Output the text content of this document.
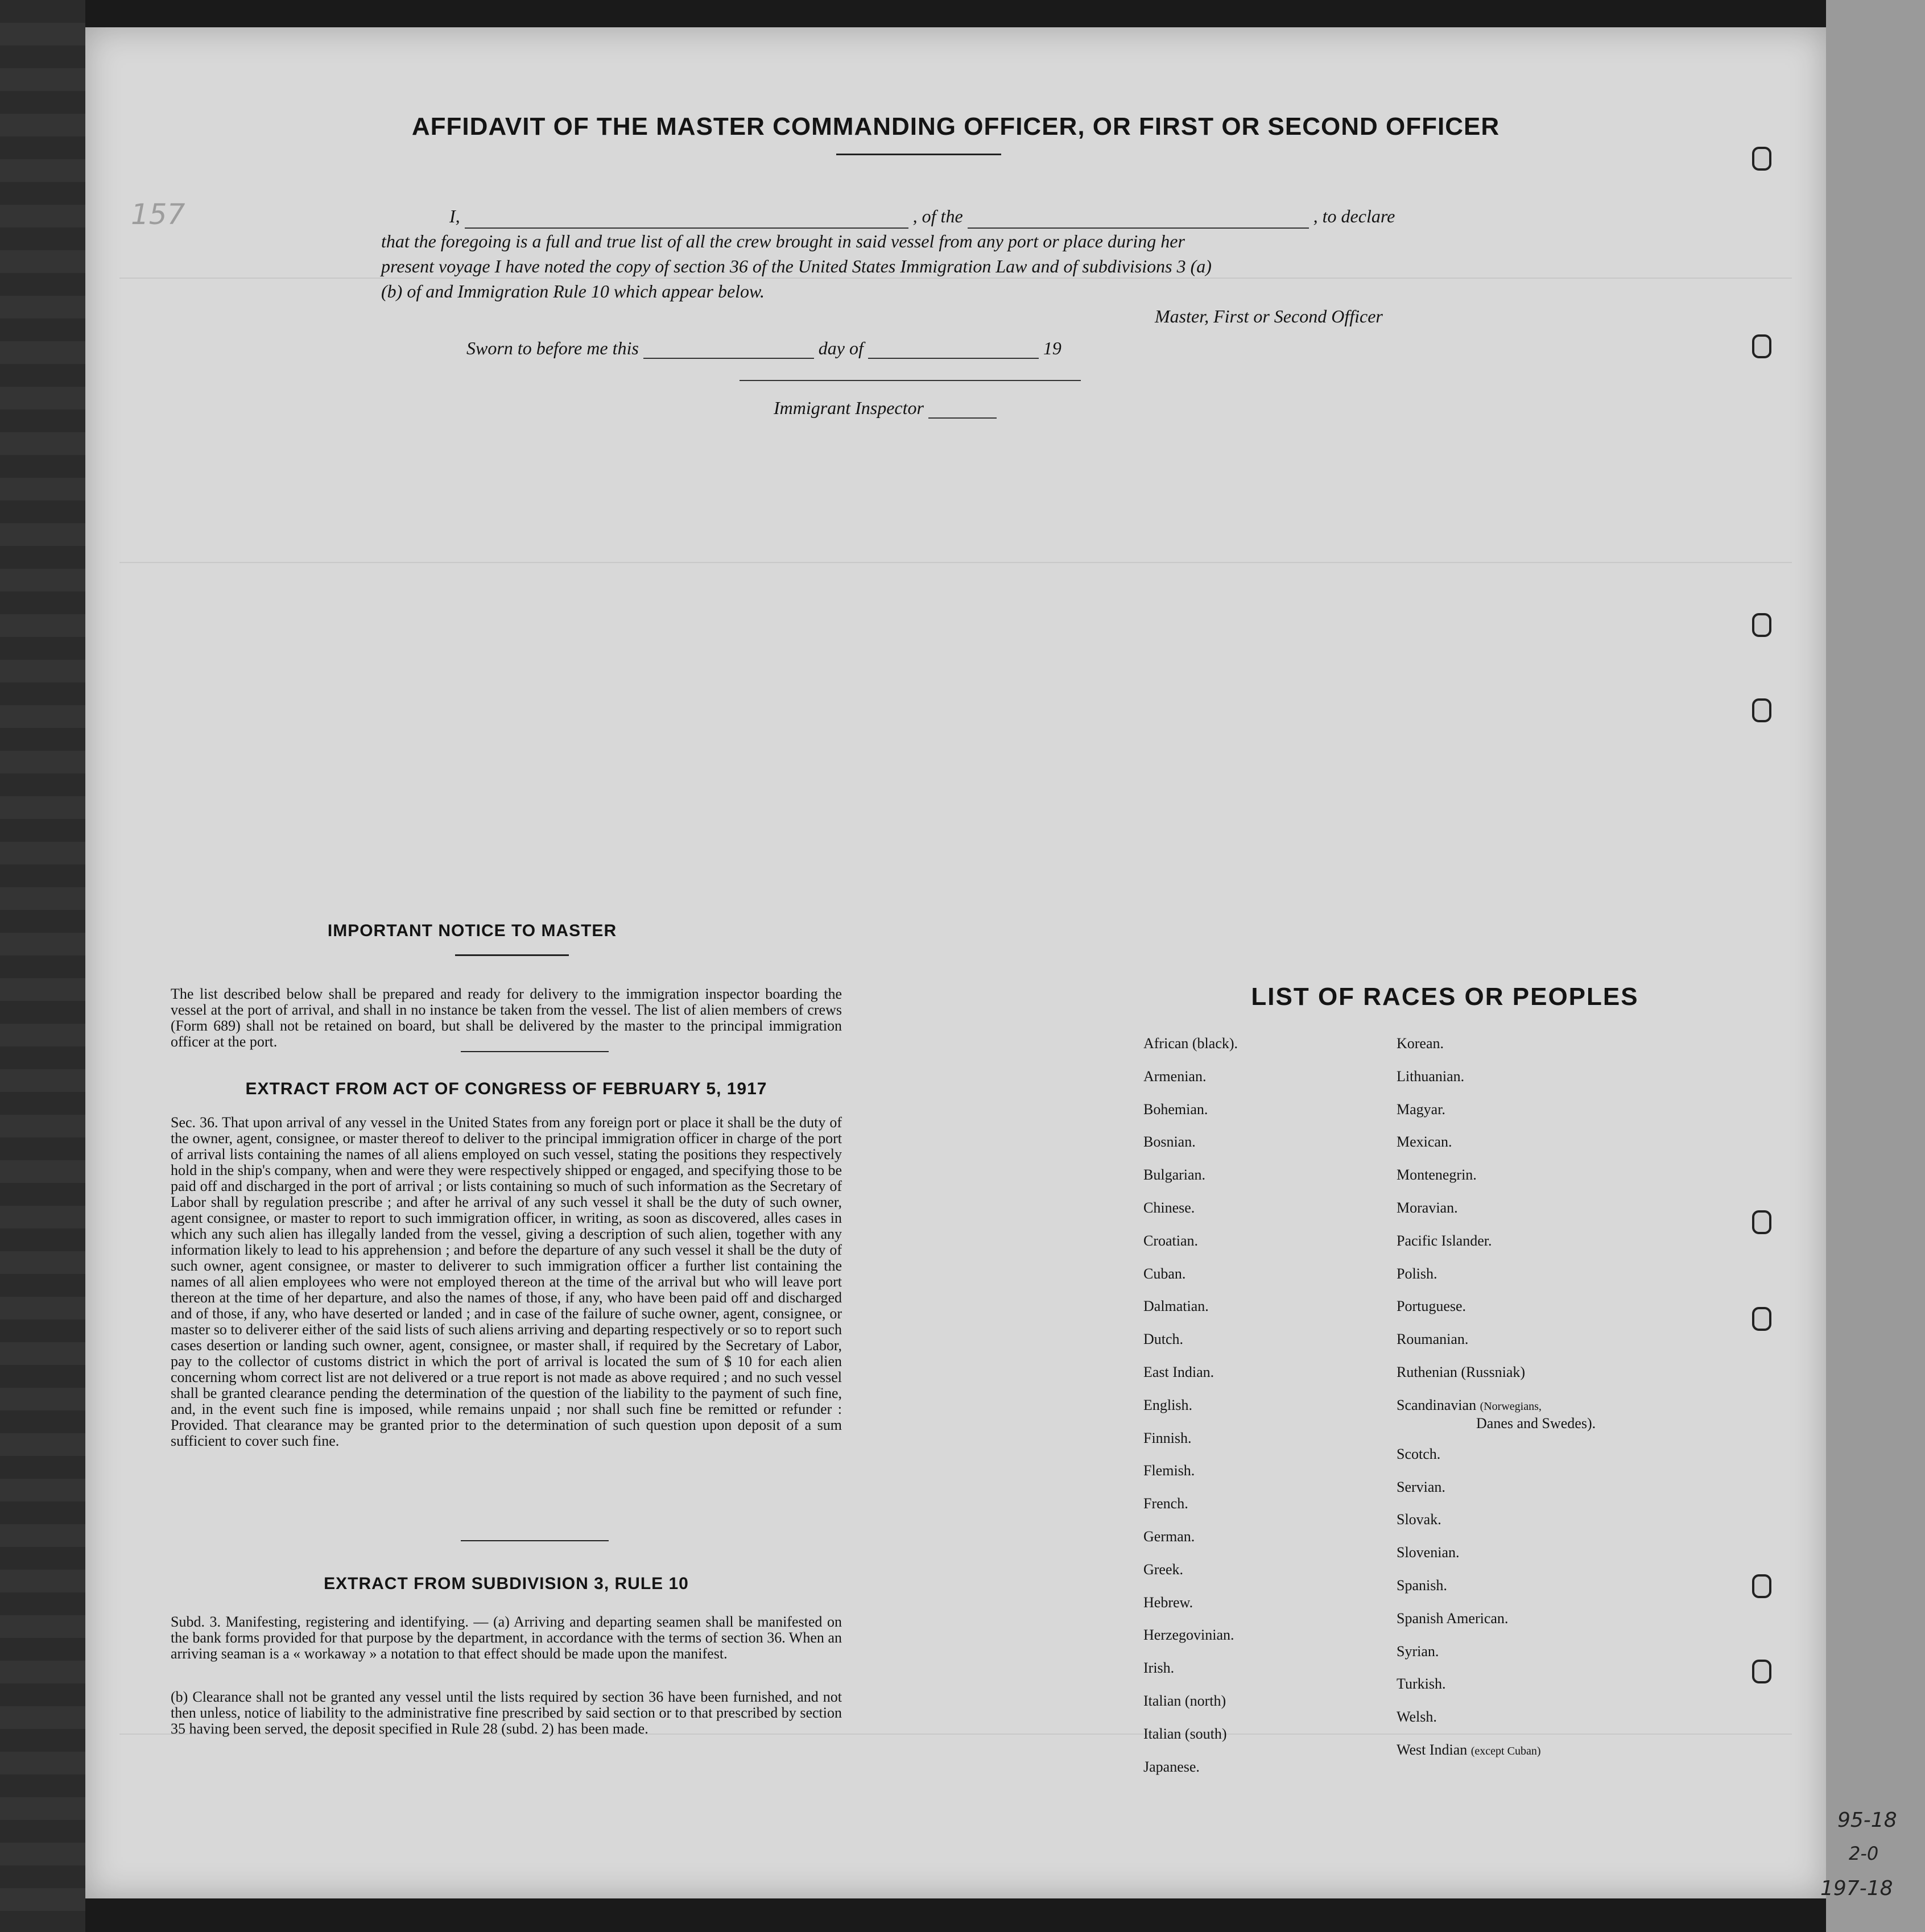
AFFIDAVIT OF THE MASTER COMMANDING OFFICER, OR FIRST OR SECOND OFFICER
I,	, of the	, to declare
that the foregoing is a full and true list of all the crew brought in said vessel from any port or place during her
present voyage I have noted the copy of section 36 of the United States Immigration Law and of subdivisions 3 (a)
(b) of and Immigration Rule 10 which appear below.
Master, First or Second Officer
Sworn to before me this	day of	19
Immigrant Inspector
IMPORTANT NOTICE TO MASTER
The list described below shall be prepared and ready for delivery to the immigration inspector boarding the vessel at the port of arrival, and shall in no instance be taken from the vessel. The list of alien members of crews (Form 689) shall not be retained on board, but shall be delivered by the master to the principal immigration officer at the port.
EXTRACT FROM ACT OF CONGRESS OF FEBRUARY 5, 1917
Sec. 36. That upon arrival of any vessel in the United States from any foreign port or place it shall be the duty of the owner, agent, consignee, or master thereof to deliver to the principal immigration officer in charge of the port of arrival lists containing the names of all aliens employed on such vessel, stating the positions they respectively hold in the ship's company, when and were they were respectively shipped or engaged, and specifying those to be paid off and discharged in the port of arrival ; or lists containing so much of such information as the Secretary of Labor shall by regulation prescribe ; and after he arrival of any such vessel it shall be the duty of such owner, agent consignee, or master to report to such immigration officer, in writing, as soon as discovered, alles cases in which any such alien has illegally landed from the vessel, giving a description of such alien, together with any information likely to lead to his apprehension ; and before the departure of any such vessel it shall be the duty of such owner, agent consignee, or master to deliverer to such immigration officer a further list containing the names of all alien employees who were not employed thereon at the time of the arrival but who will leave port thereon at the time of her departure, and also the names of those, if any, who have been paid off and discharged and of those, if any, who have deserted or landed ; and in case of the failure of suche owner, agent, consignee, or master so to deliverer either of the said lists of such aliens arriving and departing respectively or so to report such cases desertion or landing such owner, agent, consignee, or master shall, if required by the Secretary of Labor, pay to the collector of customs district in which the port of arrival is located the sum of $ 10 for each alien concerning whom correct list are not delivered or a true report is not made as above required ; and no such vessel shall be granted clearance pending the determination of the question of the liability to the payment of such fine, and, in the event such fine is imposed, while remains unpaid ; nor shall such fine be remitted or refunder : Provided. That clearance may be granted prior to the determination of such question upon deposit of a sum sufficient to cover such fine.
EXTRACT FROM SUBDIVISION 3, RULE 10
Subd. 3. Manifesting, registering and identifying. — (a) Arriving and departing seamen shall be manifested on the bank forms provided for that purpose by the department, in accordance with the terms of section 36. When an arriving seaman is a « workaway » a notation to that effect should be made upon the manifest.
(b) Clearance shall not be granted any vessel until the lists required by section 36 have been furnished, and not then unless, notice of liability to the administrative fine prescribed by said section or to that prescribed by section 35 having been served, the deposit specified in Rule 28 (subd. 2) has been made.
LIST OF RACES OR PEOPLES
African (black).
Armenian.
Bohemian.
Bosnian.
Bulgarian.
Chinese.
Croatian.
Cuban.
Dalmatian.
Dutch.
East Indian.
English.
Finnish.
Flemish.
French.
German.
Greek.
Hebrew.
Herzegovinian.
Irish.
Italian (north)
Italian (south)
Japanese.
Korean.
Lithuanian.
Magyar.
Mexican.
Montenegrin.
Moravian.
Pacific Islander.
Polish.
Portuguese.
Roumanian.
Ruthenian (Russniak)
Scandinavian (Norwegians,
Danes and Swedes).
Scotch.
Servian.
Slovak.
Slovenian.
Spanish.
Spanish American.
Syrian.
Turkish.
Welsh.
West Indian (except Cuban)
157
95-18
2-0
197-18
